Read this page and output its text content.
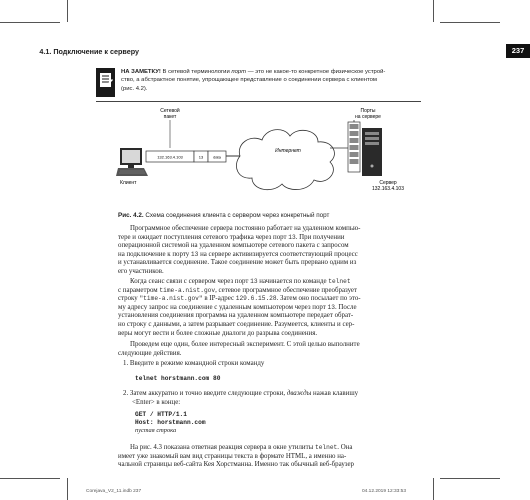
4.1. Подключение к серверу	237
НА ЗАМЕТКУ! В сетевой терминологии порт — это не какое-то конкретное физическое устрой-
ство, а абстрактное понятие, упрощающее представление о соединении сервера с клиентом
(рис. 4.2).
Сетевой
пакет
132.163.4.103	13 data
Клиент
Интернет
Порты
на сервере
Сервер
132.163.4.103
Рис. 4.2. Схема соединения клиента с сервером через конкретный порт
Программное обеспечение сервера постоянно работает на удаленном компью-
тере и ожидает поступления сетевого трафика через порт 13. При получении
операционной системой на удаленном компьютере сетевого пакета с запросом
на подключение к порту 13 на сервере активизируется соответствующий процесс
и устанавливается соединение. Такое соединение может быть прервано одним из
его участников.
Когда сеанс связи с сервером через порт 13 начинается по команде telnet
с параметром time-a.nist.gov, сетевое программное обеспечение преобразует
строку "time-a.nist.gov" в IP-адрес 129.6.15.28. Затем оно посылает по это-
му адресу запрос на соединение с удаленным компьютером через порт 13. После
установления соединения программа на удаленном компьютере передает обрат-
но строку с данными, а затем разрывает соединение. Разумеется, клиенты и сер-
веры могут вести и более сложные диалоги до разрыва соединения.
Проведем еще один, более интересный эксперимент. С этой целью выполните
следующие действия.
1. Введите в режиме командной строки команду
telnet horstmann.com 80
2. Затем аккуратно и точно введите следующие строки, дважды нажав клавишу
<Enter> в конце:
GET / HTTP/1.1
Host: horstmann.com
пустая строка
На рис. 4.3 показана ответная реакция сервера в окне утилиты telnet. Она
имеет уже знакомый вам вид страницы текста в формате HTML, а именно на-
чальной страницы веб-сайта Кея Хорстманна. Именно так обычный веб-браузер
Corejava_V2_11.indb 237	04.12.2019 12:33:53
